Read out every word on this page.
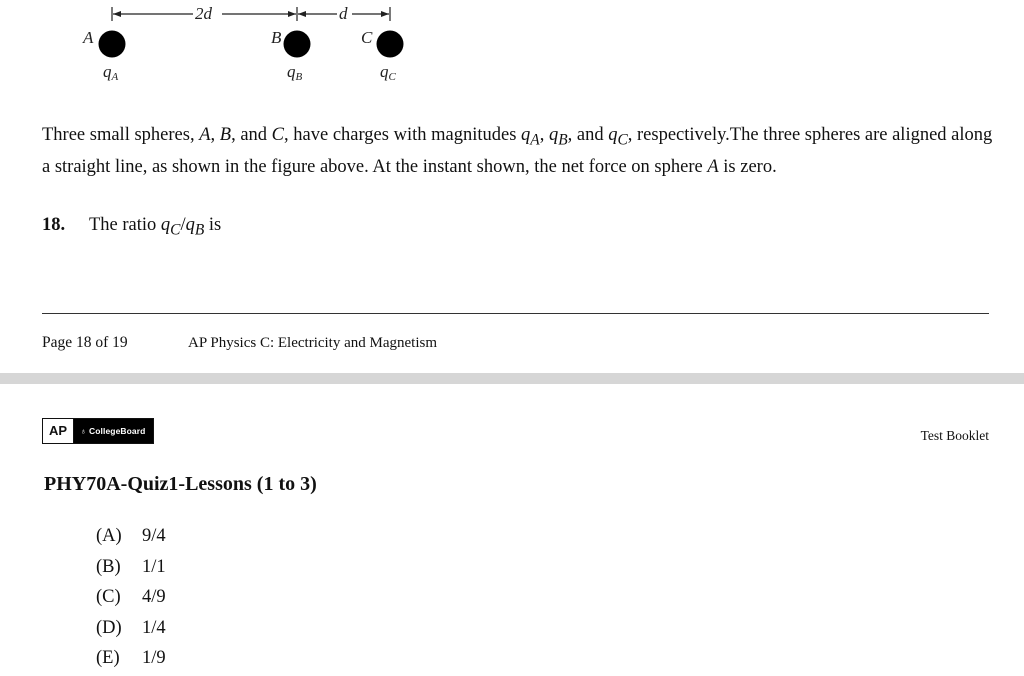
2d	d
A
qA
B
qB
C
qC
Three small spheres, A, B, and C, have charges with magnitudes $q_A$, $q_B$, and $q_C$, respectively.The three spheres are aligned along a straight line, as shown in the figure above. At the instant shown, the net force on sphere A is zero.
18. The ratio $q_C/q_B$ is
Page 18 of 19	AP Physics C: Electricity and Magnetism
AP	♁ CollegeBoard	Test Booklet
PHY70A-Quiz1-Lessons (1 to 3)
(A)	9/4
(B)	1/1
(C)	4/9
(D)	1/4
(E)	1/9
